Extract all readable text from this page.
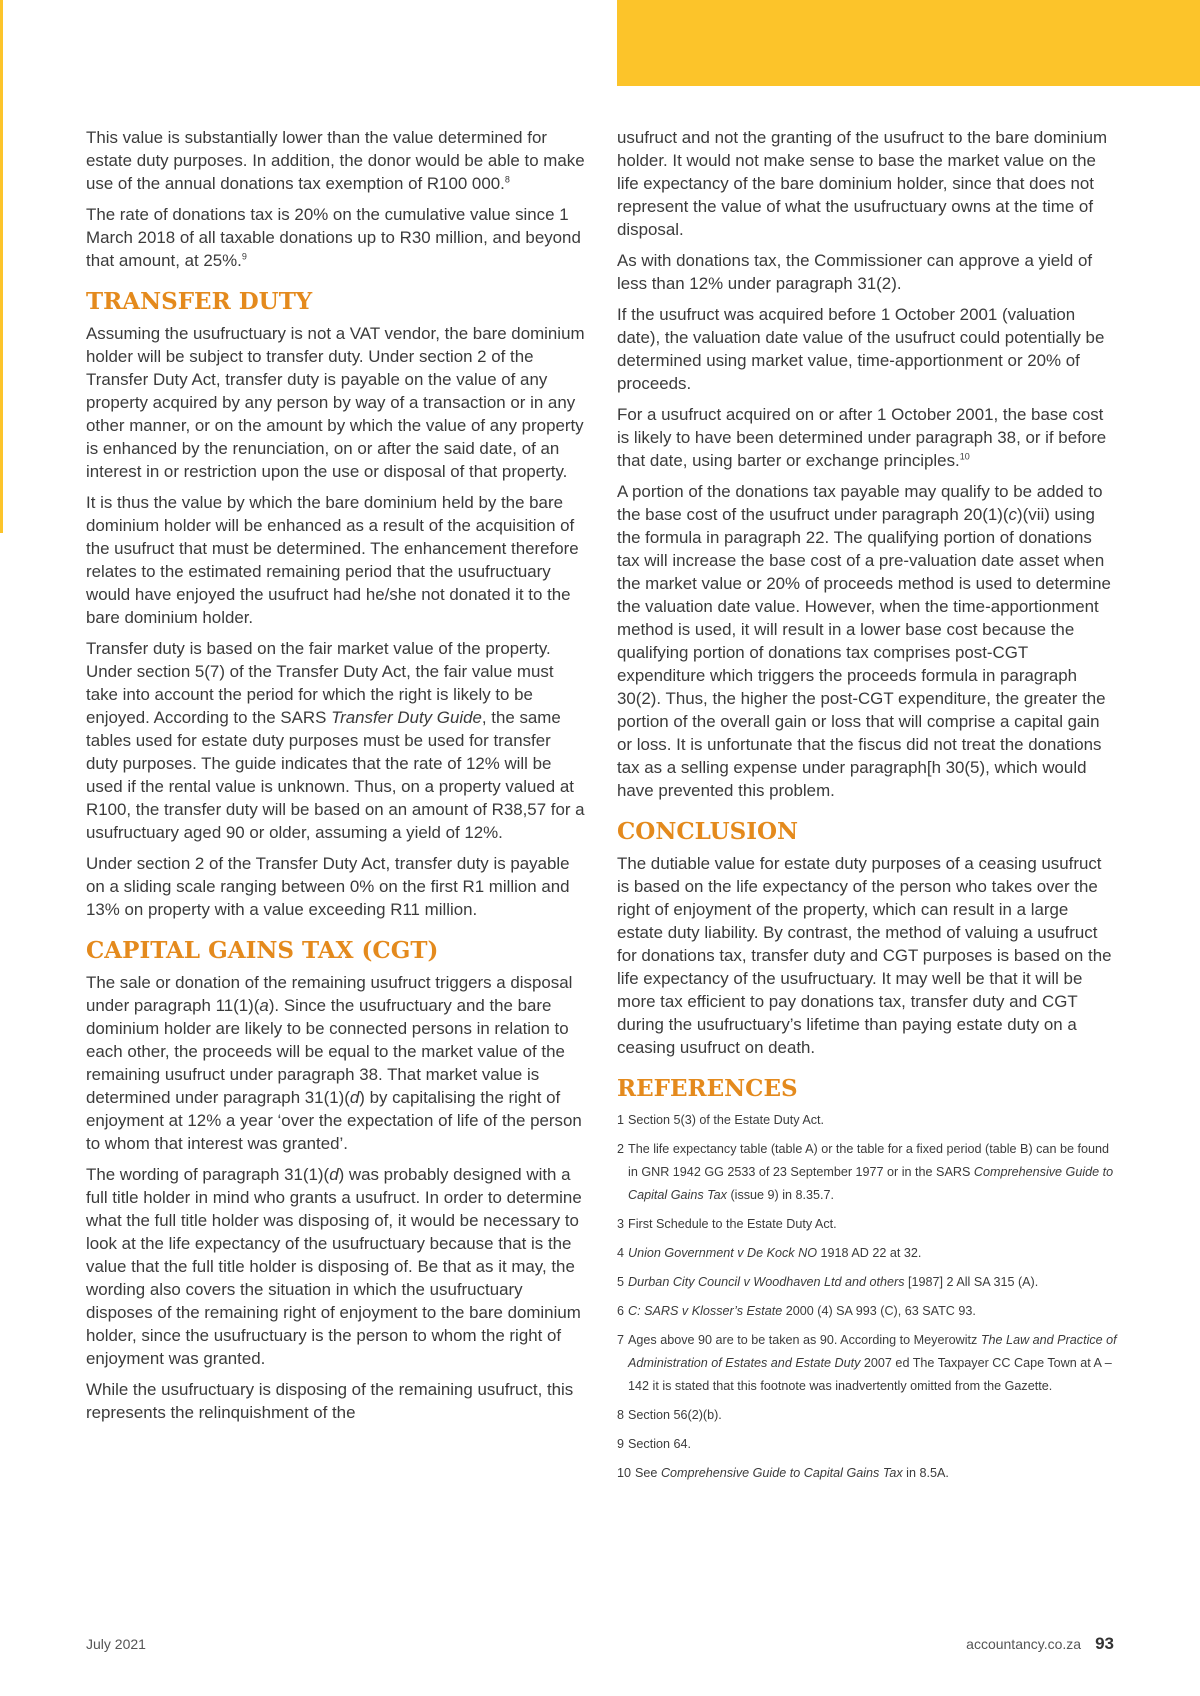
This value is substantially lower than the value determined for estate duty purposes. In addition, the donor would be able to make use of the annual donations tax exemption of R100 000.$^8$

The rate of donations tax is 20% on the cumulative value since 1 March 2018 of all taxable donations up to R30 million, and beyond that amount, at 25%.$^9$

TRANSFER DUTY

Assuming the usufructuary is not a VAT vendor, the bare dominium holder will be subject to transfer duty. Under section 2 of the Transfer Duty Act, transfer duty is payable on the value of any property acquired by any person by way of a transaction or in any other manner, or on the amount by which the value of any property is enhanced by the renunciation, on or after the said date, of an interest in or restriction upon the use or disposal of that property.

It is thus the value by which the bare dominium held by the bare dominium holder will be enhanced as a result of the acquisition of the usufruct that must be determined. The enhancement therefore relates to the estimated remaining period that the usufructuary would have enjoyed the usufruct had he/she not donated it to the bare dominium holder.

Transfer duty is based on the fair market value of the property. Under section 5(7) of the Transfer Duty Act, the fair value must take into account the period for which the right is likely to be enjoyed. According to the SARS Transfer Duty Guide, the same tables used for estate duty purposes must be used for transfer duty purposes. The guide indicates that the rate of 12% will be used if the rental value is unknown. Thus, on a property valued at R100, the transfer duty will be based on an amount of R38,57 for a usufructuary aged 90 or older, assuming a yield of 12%.

Under section 2 of the Transfer Duty Act, transfer duty is payable on a sliding scale ranging between 0% on the first R1 million and 13% on property with a value exceeding R11 million.

CAPITAL GAINS TAX (CGT)

The sale or donation of the remaining usufruct triggers a disposal under paragraph 11(1)(a). Since the usufructuary and the bare dominium holder are likely to be connected persons in relation to each other, the proceeds will be equal to the market value of the remaining usufruct under paragraph 38. That market value is determined under paragraph 31(1)(d) by capitalising the right of enjoyment at 12% a year ‘over the expectation of life of the person to whom that interest was granted’.

The wording of paragraph 31(1)(d) was probably designed with a full title holder in mind who grants a usufruct. In order to determine what the full title holder was disposing of, it would be necessary to look at the life expectancy of the usufructuary because that is the value that the full title holder is disposing of. Be that as it may, the wording also covers the situation in which the usufructuary disposes of the remaining right of enjoyment to the bare dominium holder, since the usufructuary is the person to whom the right of enjoyment was granted.

While the usufructuary is disposing of the remaining usufruct, this represents the relinquishment of the

usufruct and not the granting of the usufruct to the bare dominium holder. It would not make sense to base the market value on the life expectancy of the bare dominium holder, since that does not represent the value of what the usufructuary owns at the time of disposal.

As with donations tax, the Commissioner can approve a yield of less than 12% under paragraph 31(2).

If the usufruct was acquired before 1 October 2001 (valuation date), the valuation date value of the usufruct could potentially be determined using market value, time-apportionment or 20% of proceeds.

For a usufruct acquired on or after 1 October 2001, the base cost is likely to have been determined under paragraph 38, or if before that date, using barter or exchange principles.$^{10}$

A portion of the donations tax payable may qualify to be added to the base cost of the usufruct under paragraph 20(1)(c)(vii) using the formula in paragraph 22. The qualifying portion of donations tax will increase the base cost of a pre-valuation date asset when the market value or 20% of proceeds method is used to determine the valuation date value. However, when the time-apportionment method is used, it will result in a lower base cost because the qualifying portion of donations tax comprises post-CGT expenditure which triggers the proceeds formula in paragraph 30(2). Thus, the higher the post-CGT expenditure, the greater the portion of the overall gain or loss that will comprise a capital gain or loss. It is unfortunate that the fiscus did not treat the donations tax as a selling expense under paragraph[h 30(5), which would have prevented this problem.

CONCLUSION

The dutiable value for estate duty purposes of a ceasing usufruct is based on the life expectancy of the person who takes over the right of enjoyment of the property, which can result in a large estate duty liability. By contrast, the method of valuing a usufruct for donations tax, transfer duty and CGT purposes is based on the life expectancy of the usufructuary. It may well be that it will be more tax efficient to pay donations tax, transfer duty and CGT during the usufructuary’s lifetime than paying estate duty on a ceasing usufruct on death.

REFERENCES
1 Section 5(3) of the Estate Duty Act.
2 The life expectancy table (table A) or the table for a fixed period (table B) can be found in GNR 1942 GG 2533 of 23 September 1977 or in the SARS Comprehensive Guide to Capital Gains Tax (issue 9) in 8.35.7.
3 First Schedule to the Estate Duty Act.
4 Union Government v De Kock NO 1918 AD 22 at 32.
5 Durban City Council v Woodhaven Ltd and others [1987] 2 All SA 315 (A).
6 C: SARS v Klosser’s Estate 2000 (4) SA 993 (C), 63 SATC 93.
7 Ages above 90 are to be taken as 90. According to Meyerowitz The Law and Practice of Administration of Estates and Estate Duty 2007 ed The Taxpayer CC Cape Town at A – 142 it is stated that this footnote was inadvertently omitted from the Gazette.
8 Section 56(2)(b).
9 Section 64.
10 See Comprehensive Guide to Capital Gains Tax in 8.5A.
July 2021	accountancy.co.za 93
